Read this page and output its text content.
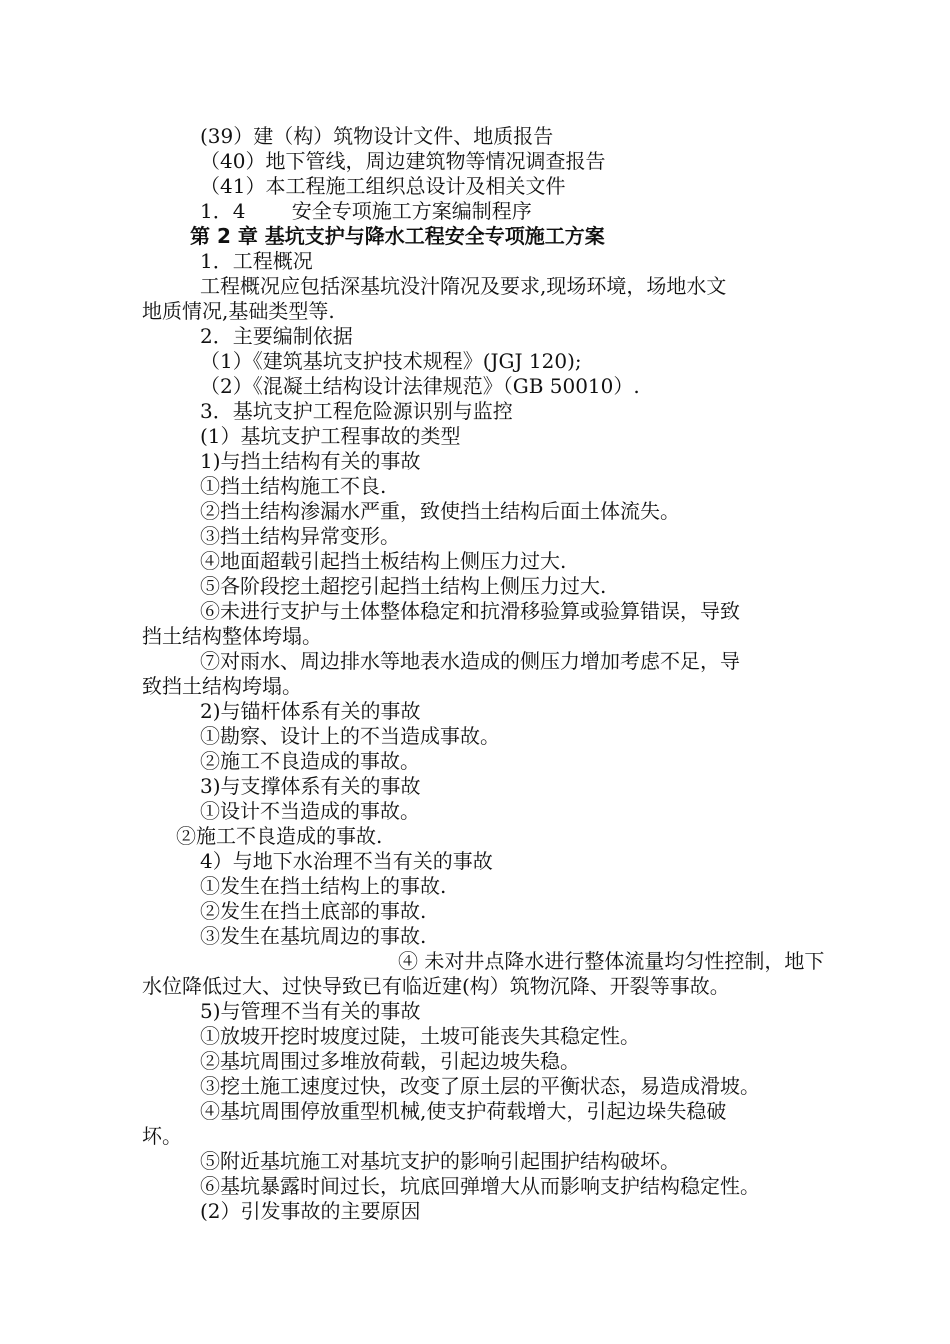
(39）建（构）筑物设计文件、地质报告
（40）地下管线，周边建筑物等情况调查报告
（41）本工程施工组织总设计及相关文件
1．4　　 安全专项施工方案编制程序
第 2 章 基坑支护与降水工程安全专项施工方案
1．工程概况
工程概况应包括深基坑没汁隋况及要求,现场环境，场地水文
地质情况,基础类型等.
2．主要编制依据
（1）《建筑基坑支护技术规程》(JGJ 120);
（2）《混凝土结构设计法律规范》（GB 50010）.
3．基坑支护工程危险源识别与监控
(1）基坑支护工程事故的类型
1)与挡土结构有关的事故
①挡土结构施工不良.
②挡土结构渗漏水严重，致使挡土结构后面土体流失。
③挡土结构异常变形。
④地面超载引起挡土板结构上侧压力过大.
⑤各阶段挖土超挖引起挡土结构上侧压力过大.
⑥未进行支护与土体整体稳定和抗滑移验算或验算错误，导致
挡土结构整体垮塌。
⑦对雨水、周边排水等地表水造成的侧压力增加考虑不足，导
致挡土结构垮塌。
2)与锚杆体系有关的事故
①勘察、设计上的不当造成事故。
②施工不良造成的事故。
3)与支撑体系有关的事故
①设计不当造成的事故。
②施工不良造成的事故.
4）与地下水治理不当有关的事故
①发生在挡土结构上的事故.
②发生在挡土底部的事故.
③发生在基坑周边的事故.
④ 未对井点降水进行整体流量均匀性控制，地下
水位降低过大、过快导致已有临近建(构）筑物沉降、开裂等事故。
5)与管理不当有关的事故
①放坡开挖时坡度过陡，土坡可能丧失其稳定性。
②基坑周围过多堆放荷载，引起边坡失稳。
③挖土施工速度过快，改变了原土层的平衡状态，易造成滑坡。
④基坑周围停放重型机械,使支护荷载增大，引起边垛失稳破
坏。
⑤附近基坑施工对基坑支护的影响引起围护结构破坏。
⑥基坑暴露时间过长，坑底回弹增大从而影响支护结构稳定性。
(2）引发事故的主要原因
